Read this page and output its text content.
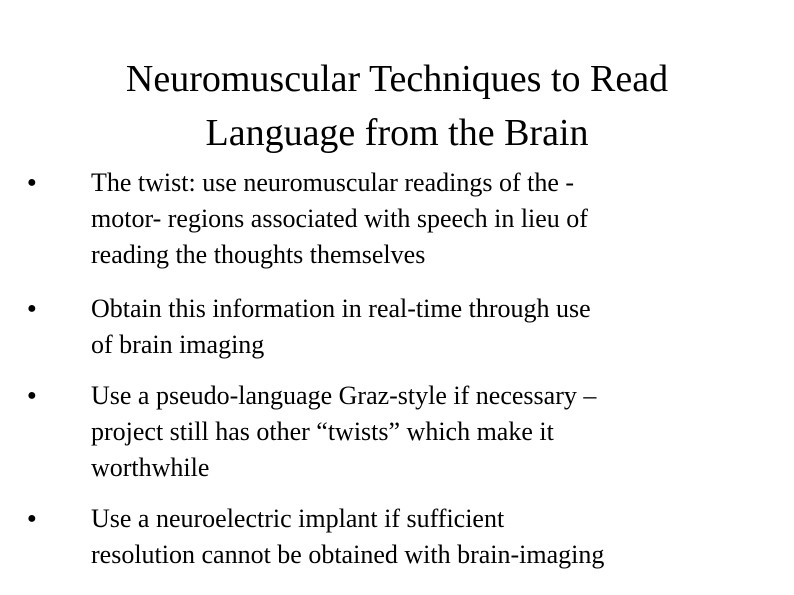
Neuromuscular Techniques to Read
Language from the Brain
● The twist: use neuromuscular readings of the -
motor- regions associated with speech in lieu of
reading the thoughts themselves
● Obtain this information in real-time through use
of brain imaging
● Use a pseudo-language Graz-style if necessary –
project still has other “twists” which make it
worthwhile
● Use a neuroelectric implant if sufficient
resolution cannot be obtained with brain-imaging
